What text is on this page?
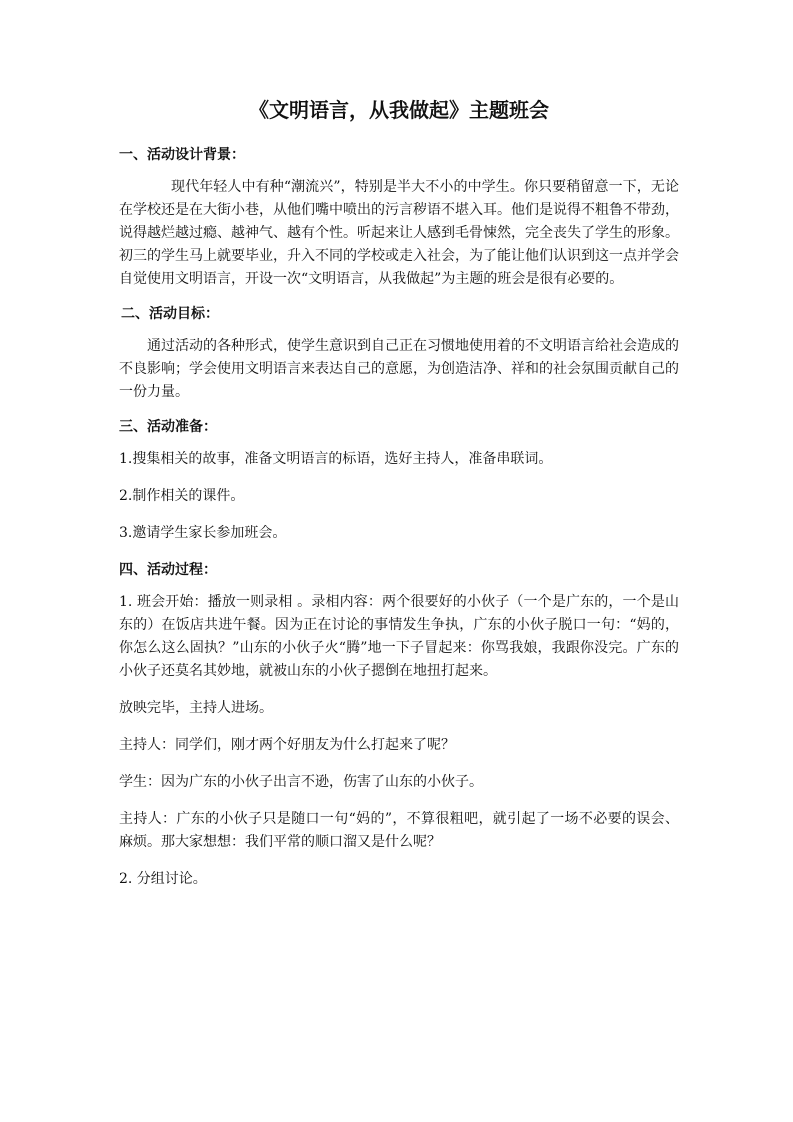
《文明语言，从我做起》主题班会
一、活动设计背景：
现代年轻人中有种“潮流兴”，特别是半大不小的中学生。你只要稍留意一下，无论在学校还是在大街小巷，从他们嘴中喷出的污言秽语不堪入耳。他们是说得不粗鲁不带劲，说得越烂越过瘾、越神气、越有个性。听起来让人感到毛骨悚然，完全丧失了学生的形象。初三的学生马上就要毕业，升入不同的学校或走入社会，为了能让他们认识到这一点并学会自觉使用文明语言，开设一次“文明语言，从我做起”为主题的班会是很有必要的。
二、活动目标：
通过活动的各种形式，使学生意识到自己正在习惯地使用着的不文明语言给社会造成的不良影响；学会使用文明语言来表达自己的意愿，为创造洁净、祥和的社会氛围贡献自己的一份力量。
三、活动准备：
1.搜集相关的故事，准备文明语言的标语，选好主持人，准备串联词。
2.制作相关的课件。
3.邀请学生家长参加班会。
四、活动过程：
1. 班会开始：播放一则录相 。录相内容：两个很要好的小伙子（一个是广东的，一个是山东的）在饭店共进午餐。因为正在讨论的事情发生争执，广东的小伙子脱口一句：“妈的，你怎么这么固执？”山东的小伙子火“腾”地一下子冒起来：你骂我娘，我跟你没完。广东的小伙子还莫名其妙地，就被山东的小伙子摁倒在地扭打起来。
放映完毕，主持人进场。
主持人：同学们，刚才两个好朋友为什么打起来了呢？
学生：因为广东的小伙子出言不逊，伤害了山东的小伙子。
主持人：广东的小伙子只是随口一句“妈的”，不算很粗吧，就引起了一场不必要的误会、麻烦。那大家想想：我们平常的顺口溜又是什么呢？
2. 分组讨论。
